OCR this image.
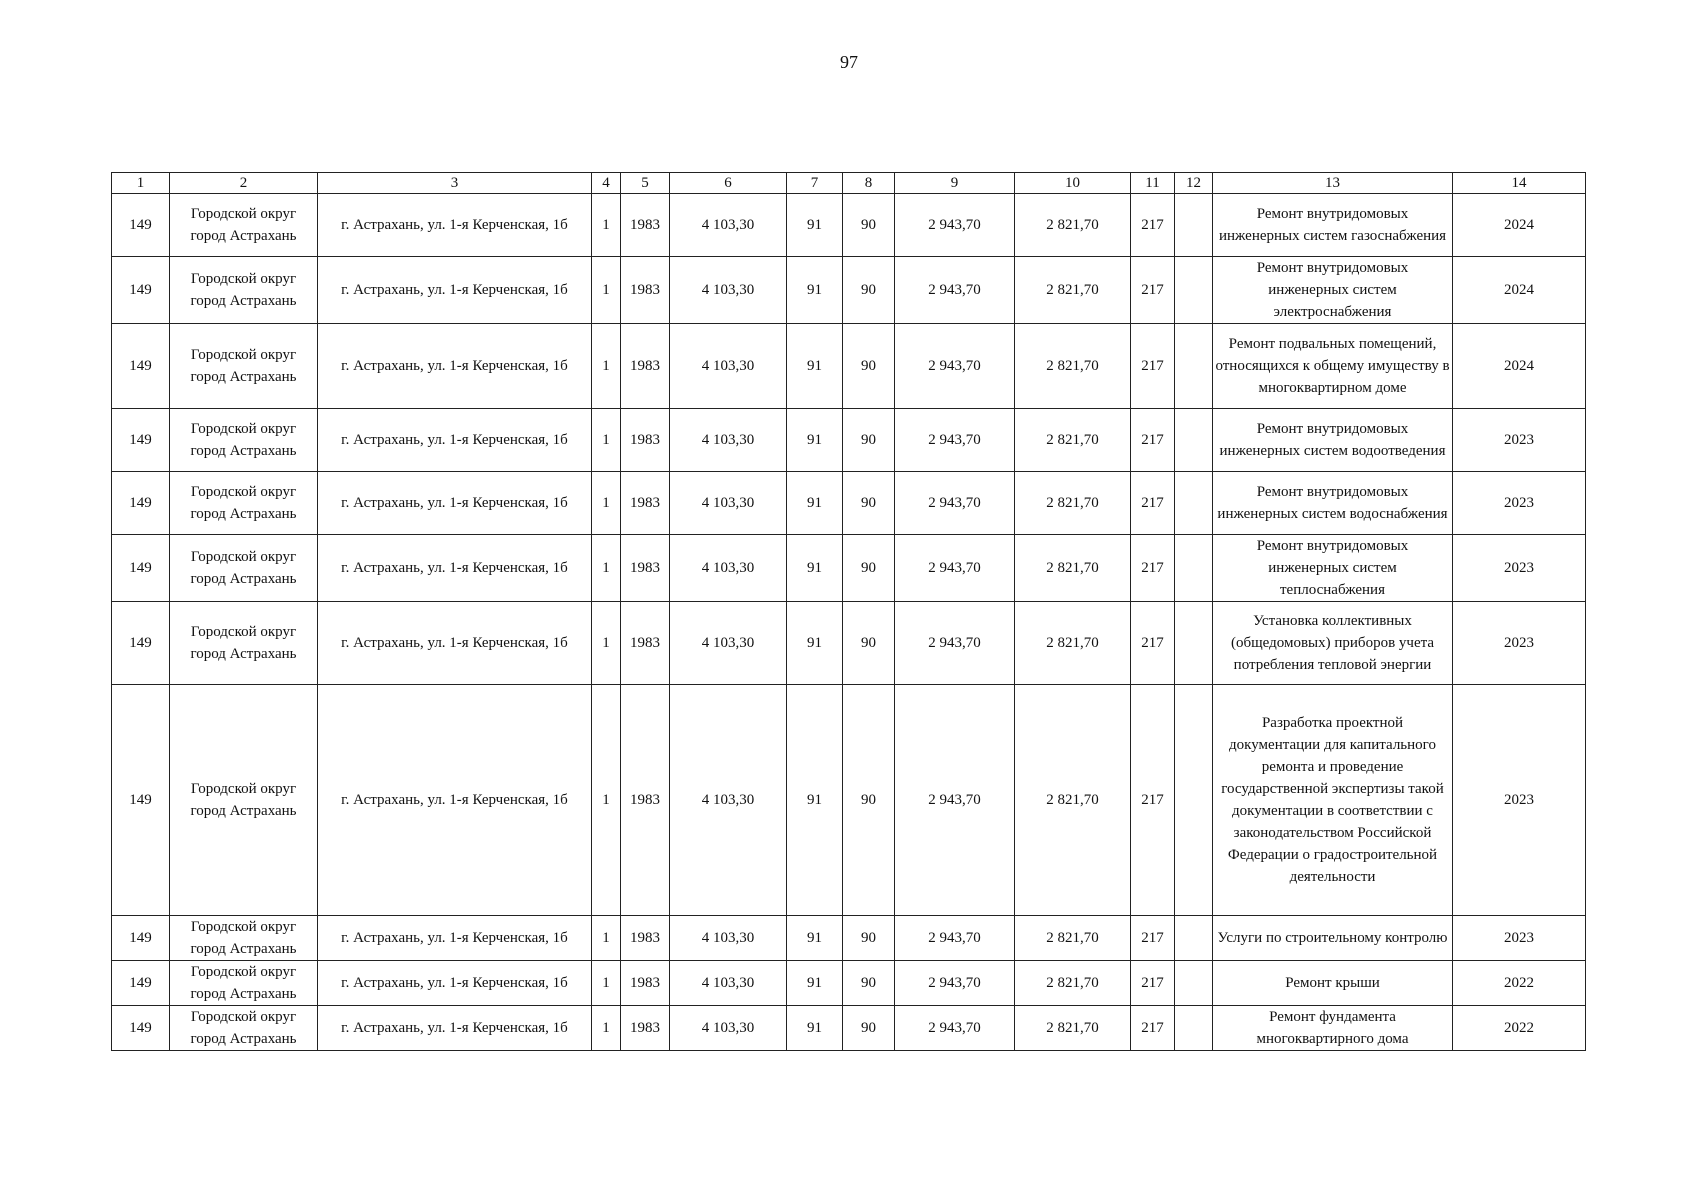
97
1	2	3	4	5	6	7	8	9	10	11	12	13	14
149	Городской округ город Астрахань	г. Астрахань, ул. 1-я Керченская, 1б	1	1983	4 103,30	91	90	2 943,70	2 821,70	217		Ремонт внутридомовых инженерных систем газоснабжения	2024
149	Городской округ город Астрахань	г. Астрахань, ул. 1-я Керченская, 1б	1	1983	4 103,30	91	90	2 943,70	2 821,70	217		Ремонт внутридомовых инженерных систем электроснабжения	2024
149	Городской округ город Астрахань	г. Астрахань, ул. 1-я Керченская, 1б	1	1983	4 103,30	91	90	2 943,70	2 821,70	217		Ремонт подвальных помещений, относящихся к общему имуществу в многоквартирном доме	2024
149	Городской округ город Астрахань	г. Астрахань, ул. 1-я Керченская, 1б	1	1983	4 103,30	91	90	2 943,70	2 821,70	217		Ремонт внутридомовых инженерных систем водоотведения	2023
149	Городской округ город Астрахань	г. Астрахань, ул. 1-я Керченская, 1б	1	1983	4 103,30	91	90	2 943,70	2 821,70	217		Ремонт внутридомовых инженерных систем водоснабжения	2023
149	Городской округ город Астрахань	г. Астрахань, ул. 1-я Керченская, 1б	1	1983	4 103,30	91	90	2 943,70	2 821,70	217		Ремонт внутридомовых инженерных систем теплоснабжения	2023
149	Городской округ город Астрахань	г. Астрахань, ул. 1-я Керченская, 1б	1	1983	4 103,30	91	90	2 943,70	2 821,70	217		Установка коллективных (общедомовых) приборов учета потребления тепловой энергии	2023
149	Городской округ город Астрахань	г. Астрахань, ул. 1-я Керченская, 1б	1	1983	4 103,30	91	90	2 943,70	2 821,70	217		Разработка проектной документации для капитального ремонта и проведение государственной экспертизы такой документации в соответствии с законодательством Российской Федерации о градостроительной деятельности	2023
149	Городской округ город Астрахань	г. Астрахань, ул. 1-я Керченская, 1б	1	1983	4 103,30	91	90	2 943,70	2 821,70	217		Услуги по строительному контролю	2023
149	Городской округ город Астрахань	г. Астрахань, ул. 1-я Керченская, 1б	1	1983	4 103,30	91	90	2 943,70	2 821,70	217		Ремонт крыши	2022
149	Городской округ город Астрахань	г. Астрахань, ул. 1-я Керченская, 1б	1	1983	4 103,30	91	90	2 943,70	2 821,70	217		Ремонт фундамента многоквартирного дома	2022
